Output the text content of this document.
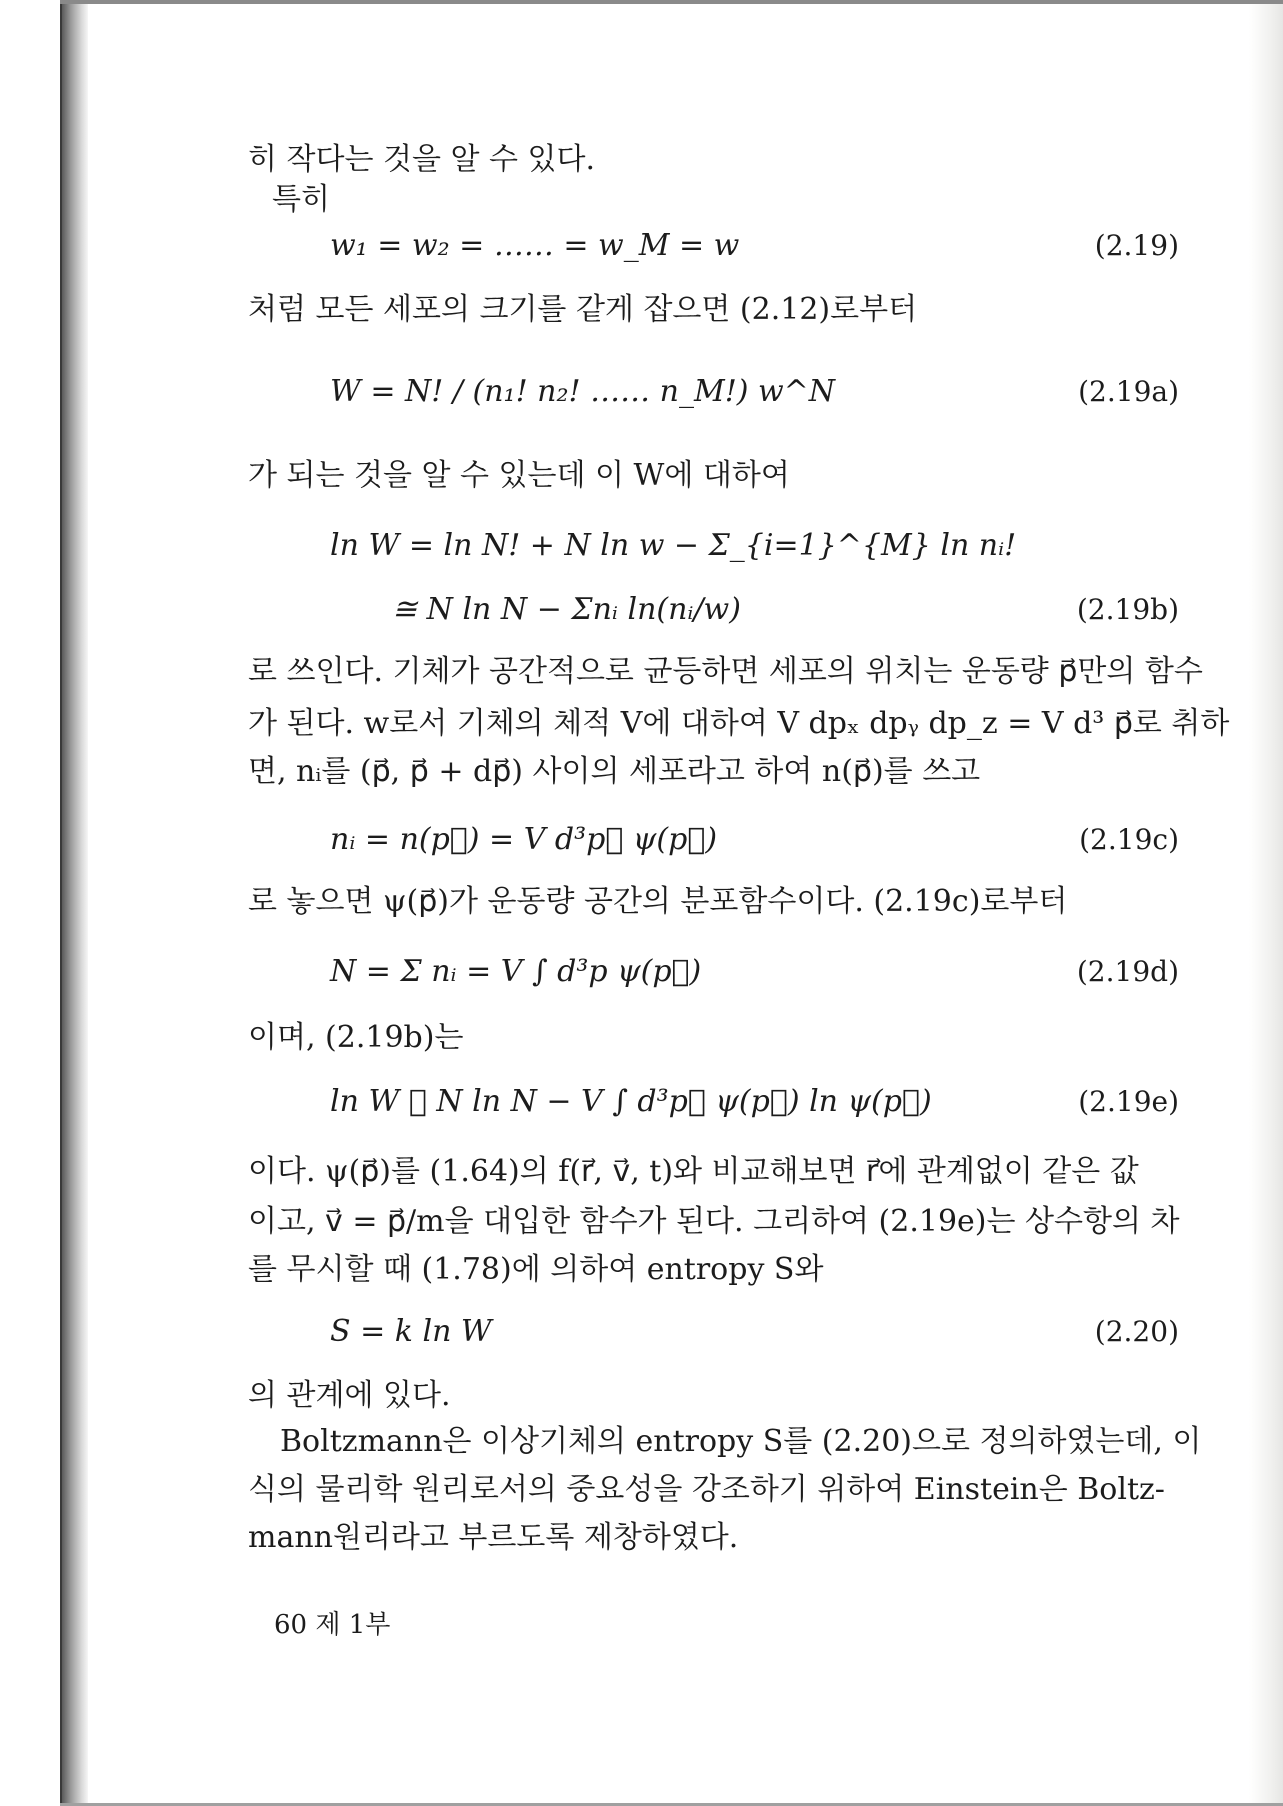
히 작다는 것을 알 수 있다.
특히
w₁ = w₂ = …… = w_M = w	(2.19)
처럼 모든 세포의 크기를 같게 잡으면 (2.12)로부터
W = N! / (n₁! n₂! …… n_M!) w^N	(2.19a)
가 되는 것을 알 수 있는데 이 W에 대하여
ln W = ln N! + N ln w − Σ_{i=1}^{M} ln nᵢ!
≅ N ln N − Σnᵢ ln(nᵢ/w)	(2.19b)
로 쓰인다. 기체가 공간적으로 균등하면 세포의 위치는 운동량 p⃗만의 함수
가 된다. w로서 기체의 체적 V에 대하여 V dpₓ dpᵧ dp_z = V d³ p⃗로 취하
면, nᵢ를 (p⃗, p⃗ + dp⃗) 사이의 세포라고 하여 n(p⃗)를 쓰고
nᵢ = n(p⃗) = V d³p⃗ ψ(p⃗)	(2.19c)
로 놓으면 ψ(p⃗)가 운동량 공간의 분포함수이다. (2.19c)로부터
N = Σ nᵢ = V ∫ d³p ψ(p⃗)	(2.19d)
이며, (2.19b)는
ln W ≅ N ln N − V ∫ d³p⃗ ψ(p⃗) ln ψ(p⃗)	(2.19e)
이다. ψ(p⃗)를 (1.64)의 f(r⃗, v⃗, t)와 비교해보면 r⃗에 관계없이 같은 값
이고, v⃗ = p⃗/m을 대입한 함수가 된다. 그리하여 (2.19e)는 상수항의 차
를 무시할 때 (1.78)에 의하여 entropy S와
S = k ln W	(2.20)
의 관계에 있다.
Boltzmann은 이상기체의 entropy S를 (2.20)으로 정의하였는데, 이
식의 물리학 원리로서의 중요성을 강조하기 위하여 Einstein은 Boltz-
mann원리라고 부르도록 제창하였다.
60 제 1부
